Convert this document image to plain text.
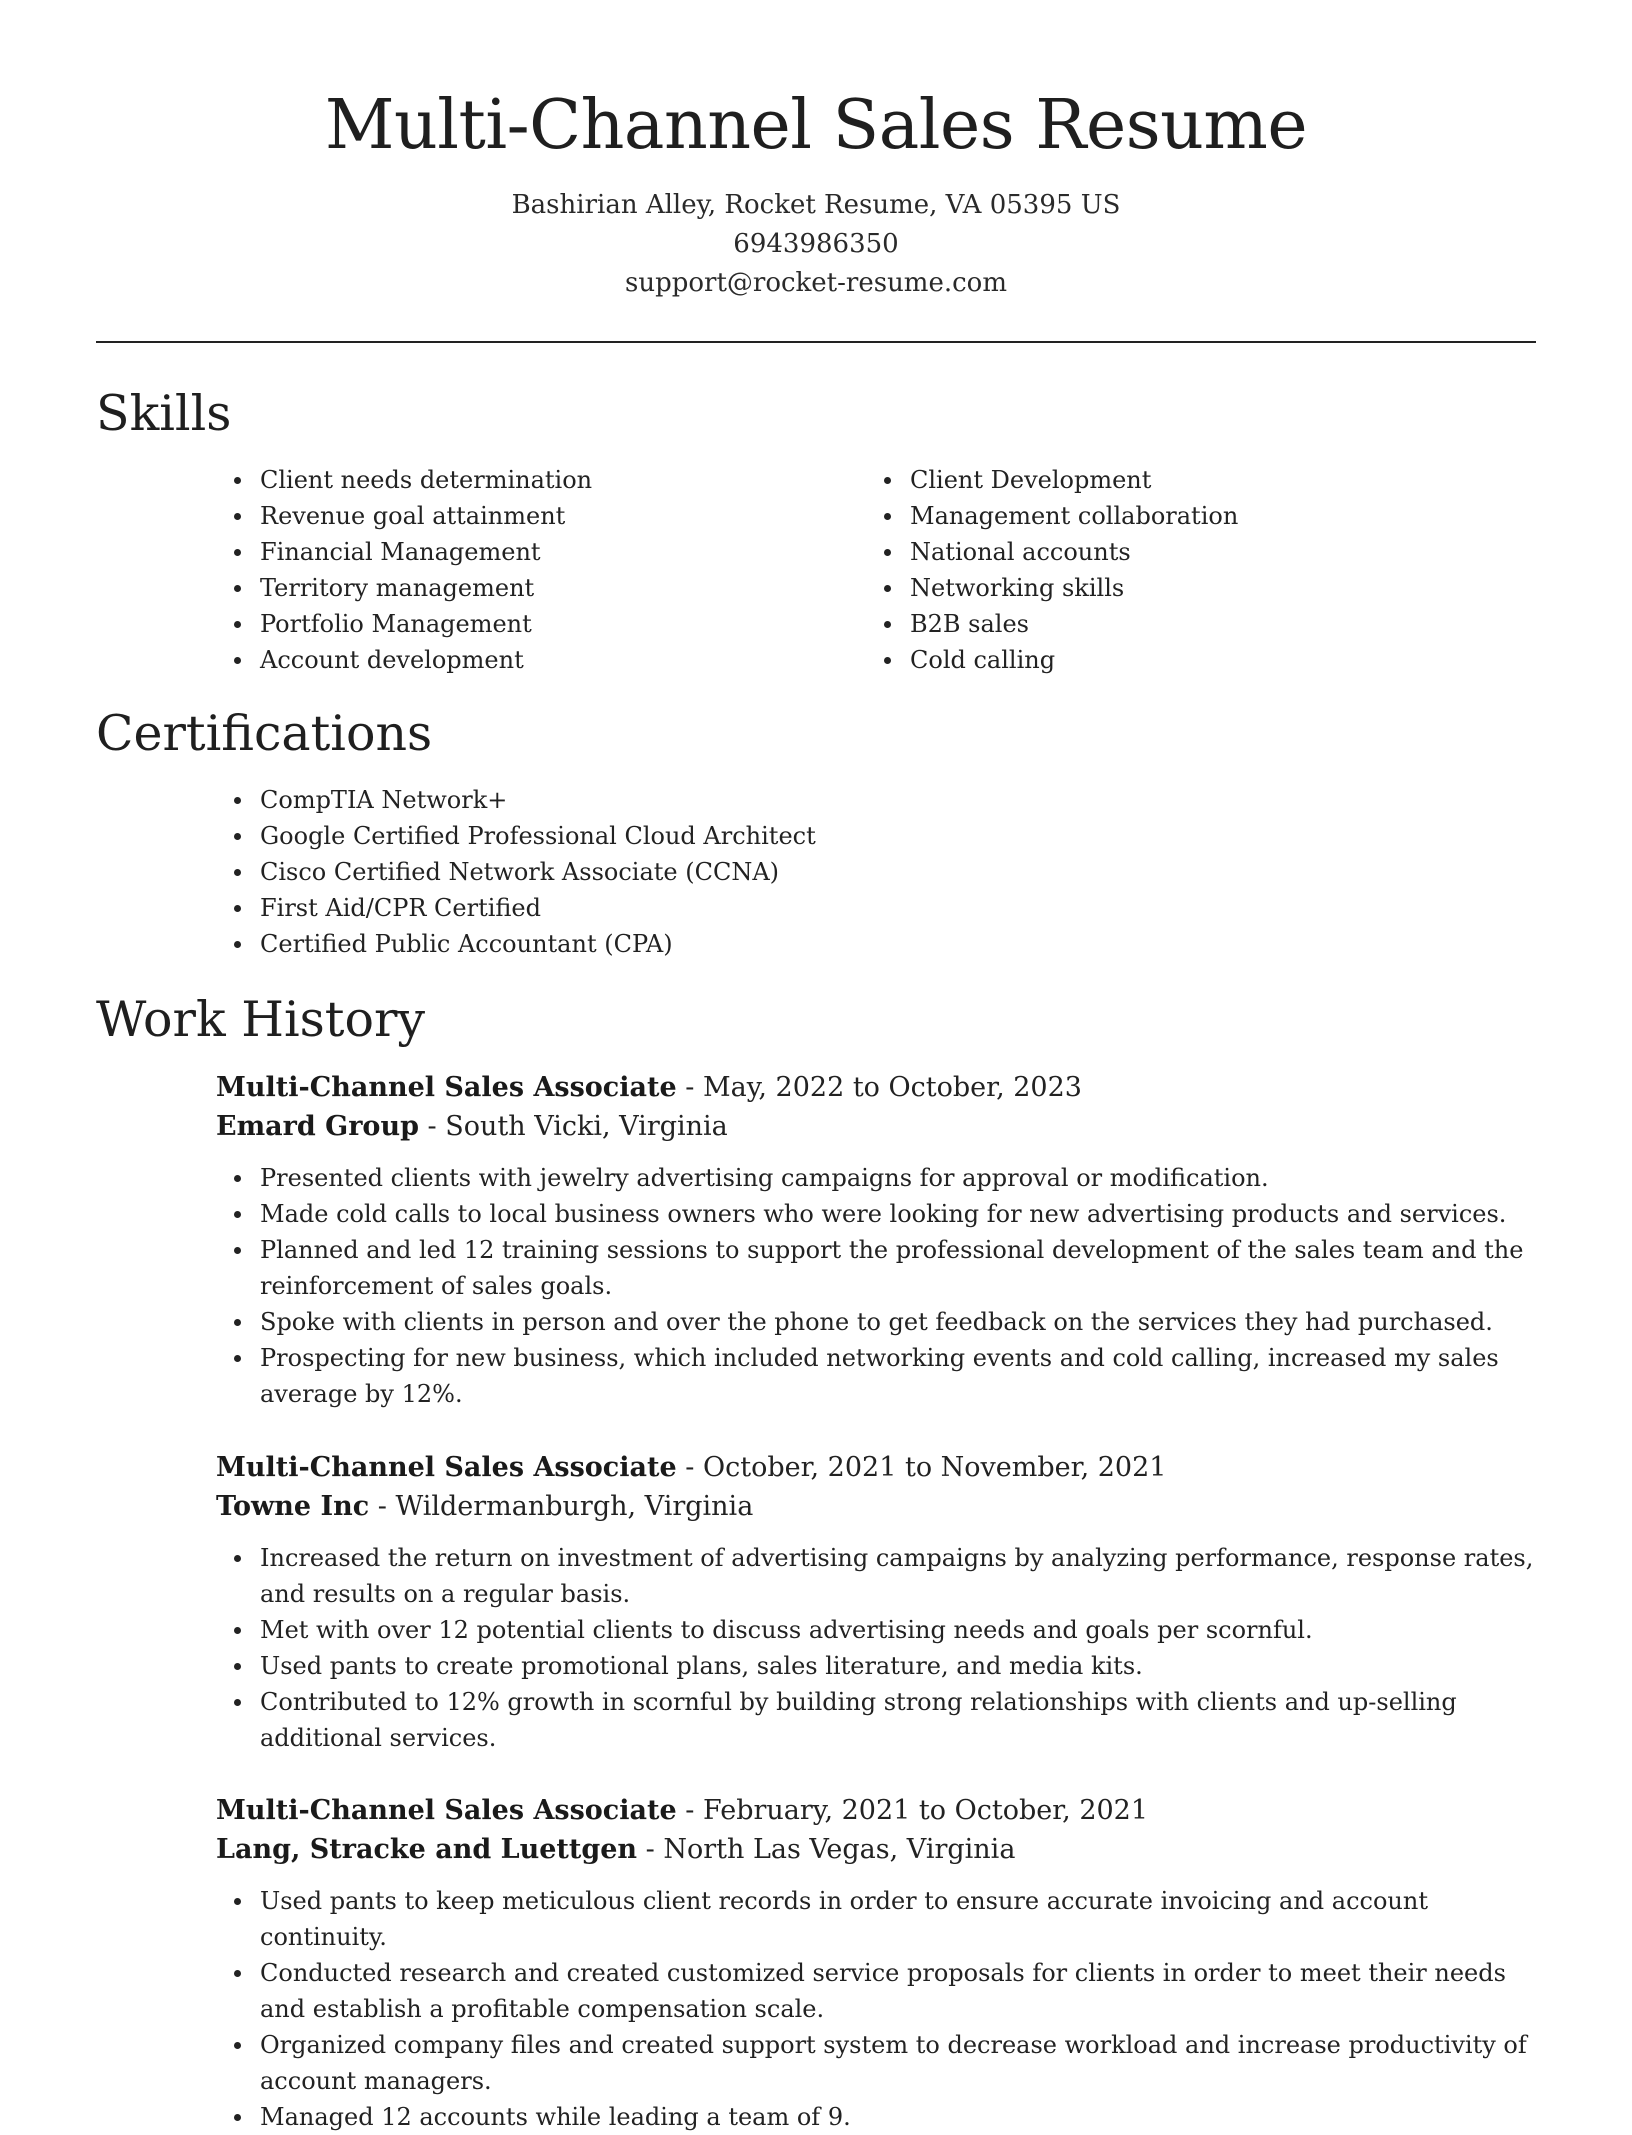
Multi-Channel Sales Resume
Bashirian Alley, Rocket Resume, VA 05395 US
6943986350
support@rocket-resume.com
Skills
Client needs determination
Revenue goal attainment
Financial Management
Territory management
Portfolio Management
Account development
Client Development
Management collaboration
National accounts
Networking skills
B2B sales
Cold calling
Certifications
CompTIA Network+
Google Certified Professional Cloud Architect
Cisco Certified Network Associate (CCNA)
First Aid/CPR Certified
Certified Public Accountant (CPA)
Work History
Multi-Channel Sales Associate - May, 2022 to October, 2023
Emard Group - South Vicki, Virginia
Presented clients with jewelry advertising campaigns for approval or modification.
Made cold calls to local business owners who were looking for new advertising products and services.
Planned and led 12 training sessions to support the professional development of the sales team and the reinforcement of sales goals.
Spoke with clients in person and over the phone to get feedback on the services they had purchased.
Prospecting for new business, which included networking events and cold calling, increased my sales average by 12%.
Multi-Channel Sales Associate - October, 2021 to November, 2021
Towne Inc - Wildermanburgh, Virginia
Increased the return on investment of advertising campaigns by analyzing performance, response rates, and results on a regular basis.
Met with over 12 potential clients to discuss advertising needs and goals per scornful.
Used pants to create promotional plans, sales literature, and media kits.
Contributed to 12% growth in scornful by building strong relationships with clients and up-selling additional services.
Multi-Channel Sales Associate - February, 2021 to October, 2021
Lang, Stracke and Luettgen - North Las Vegas, Virginia
Used pants to keep meticulous client records in order to ensure accurate invoicing and account continuity.
Conducted research and created customized service proposals for clients in order to meet their needs and establish a profitable compensation scale.
Organized company files and created support system to decrease workload and increase productivity of account managers.
Managed 12 accounts while leading a team of 9.
